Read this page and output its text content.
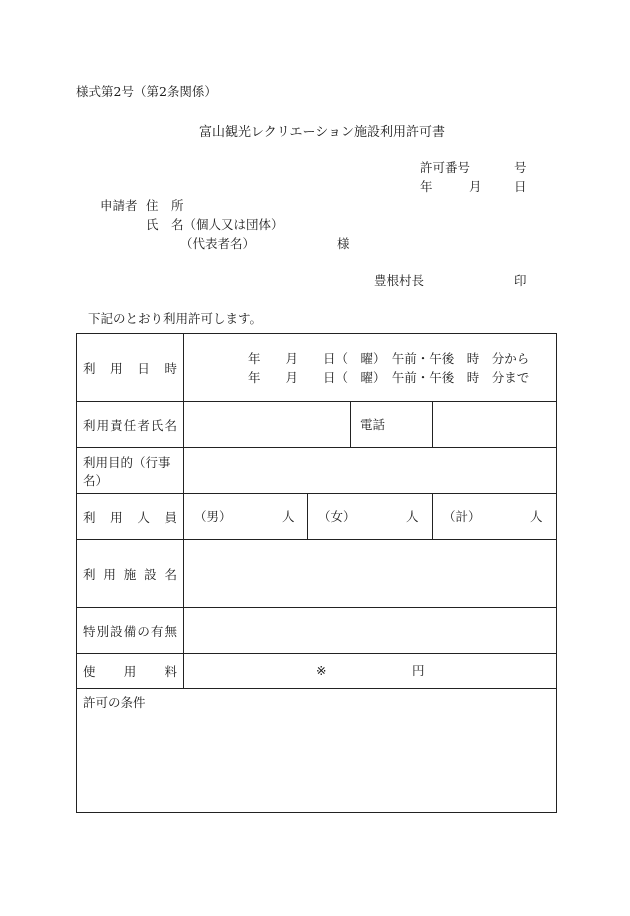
様式第2号（第2条関係）
富山観光レクリエーション施設利用許可書
許可番号	号
年	月	日
申請者 住　所
氏　名（個人又は団体）
（代表者名）	様
豊根村長	印
下記のとおり利用許可します。
利用日時	年　　月　　日（　曜）　午前・午後　時　分から
年　　月　　日（　曜）　午前・午後　時　分まで			

利用責任者氏名			電話	

利用目的（行事名）				
利用人員	（男） 人	（女） 人		（計） 人

利用施設名				
特別設備の有無				
使用料	※ 円			

許可の条件				
